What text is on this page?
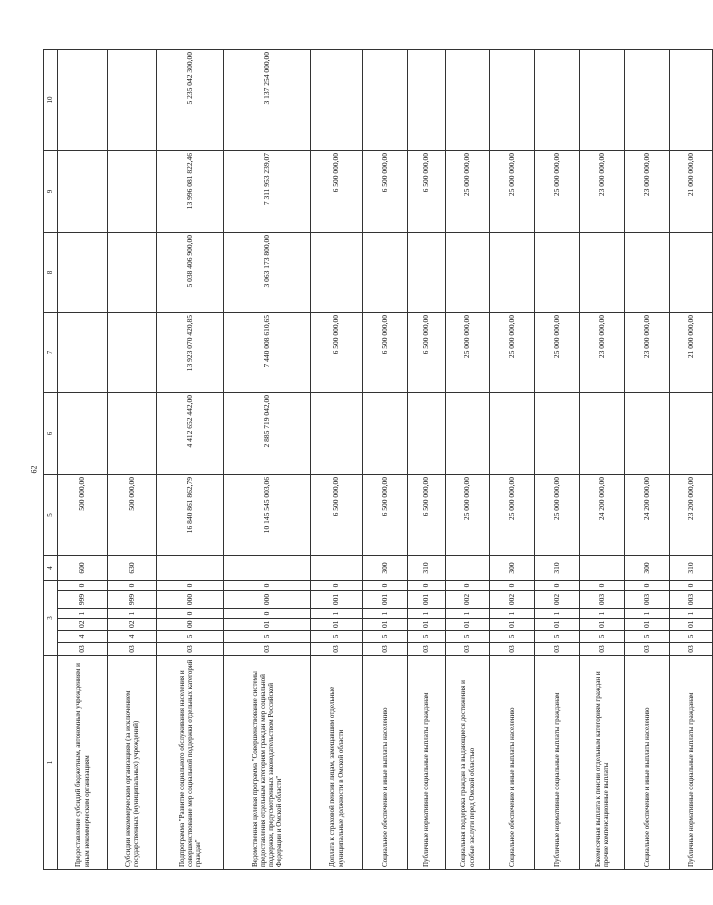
62
1	3						4	5	6	7	8	9	10
Предоставление субсидий бюджетным, автономным учреждениям и иным некоммерческим организациям	03	4	02	1	999	0	600	500 000,00					
Субсидии некоммерческим организациям (за исключением государственных (муниципальных) учреждений)	03	4	02	1	999	0	630	500 000,00					
Подпрограмма "Развитие социального обслуживания населения и совершенствование мер социальной поддержки отдельных категорий граждан"	03	5	00	0	000	0		16 840 861 862,79	4 412 652 442,00	13 923 070 420,85	5 038 406 900,00	13 996 081 822,46	5 235 042 300,00
Ведомственная целевая программа "Совершенствование системы предоставления отдельным категориям граждан мер социальной поддержки, предусмотренных законодательством Российской Федерации и Омской области"	03	5	01	0	000	0		10 145 545 003,06	2 885 719 042,00	7 440 008 610,65	3 063 173 800,00	7 311 953 239,07	3 137 254 000,00
Доплата к страховой пенсии лицам, замещавшим отдельные муниципальные должности в Омской области	03	5	01	1	001	0		6 500 000,00		6 500 000,00		6 500 000,00	
Социальное обеспечение и иные выплаты населению	03	5	01	1	001	0	300	6 500 000,00		6 500 000,00		6 500 000,00	
Публичные нормативные социальные выплаты гражданам	03	5	01	1	001	0	310	6 500 000,00		6 500 000,00		6 500 000,00	
Социальная поддержка граждан за выдающиеся достижения и особые заслуги перед Омской областью	03	5	01	1	002	0		25 000 000,00		25 000 000,00		25 000 000,00	
Социальное обеспечение и иные выплаты населению	03	5	01	1	002	0	300	25 000 000,00		25 000 000,00		25 000 000,00	
Публичные нормативные социальные выплаты гражданам	03	5	01	1	002	0	310	25 000 000,00		25 000 000,00		25 000 000,00	
Ежемесячная выплата к пенсии отдельным категориям граждан и прочие компенсационные выплаты	03	5	01	1	003	0		24 200 000,00		23 000 000,00		23 000 000,00	
Социальное обеспечение и иные выплаты населению	03	5	01	1	003	0	300	24 200 000,00		23 000 000,00		23 000 000,00	
Публичные нормативные социальные выплаты гражданам	03	5	01	1	003	0	310	23 200 000,00		21 000 000,00		21 000 000,00	
